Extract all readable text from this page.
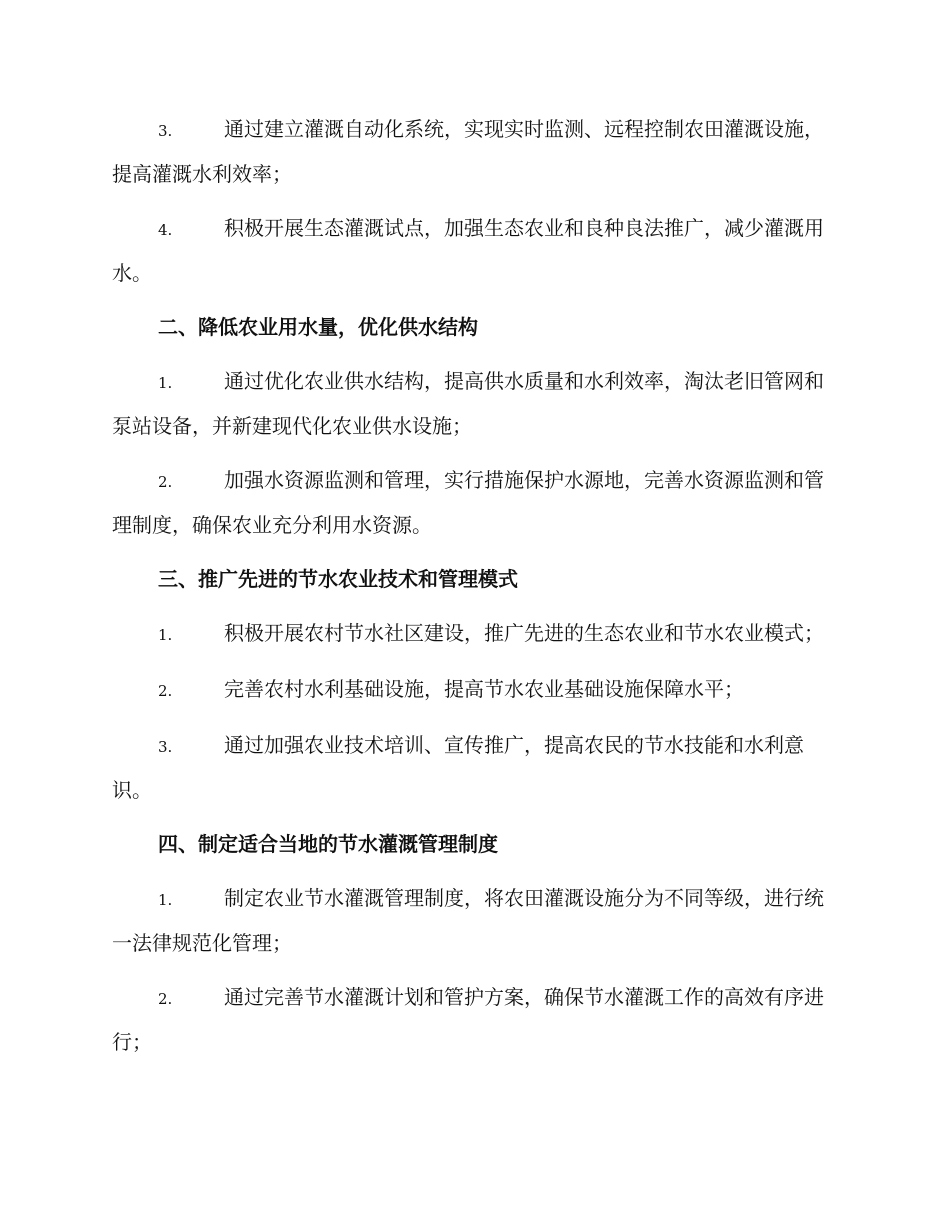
3.	通过建立灌溉自动化系统，实现实时监测、远程控制农田灌溉设施，提高灌溉水利效率；

4.	积极开展生态灌溉试点，加强生态农业和良种良法推广，减少灌溉用水。

二、降低农业用水量，优化供水结构

1.	通过优化农业供水结构，提高供水质量和水利效率，淘汰老旧管网和泵站设备，并新建现代化农业供水设施；

2.	加强水资源监测和管理，实行措施保护水源地，完善水资源监测和管理制度，确保农业充分利用水资源。

三、推广先进的节水农业技术和管理模式

1.	积极开展农村节水社区建设，推广先进的生态农业和节水农业模式；

2.	完善农村水利基础设施，提高节水农业基础设施保障水平；

3.	通过加强农业技术培训、宣传推广，提高农民的节水技能和水利意识。

四、制定适合当地的节水灌溉管理制度

1.	制定农业节水灌溉管理制度，将农田灌溉设施分为不同等级，进行统一法律规范化管理；

2.	通过完善节水灌溉计划和管护方案，确保节水灌溉工作的高效有序进行；
